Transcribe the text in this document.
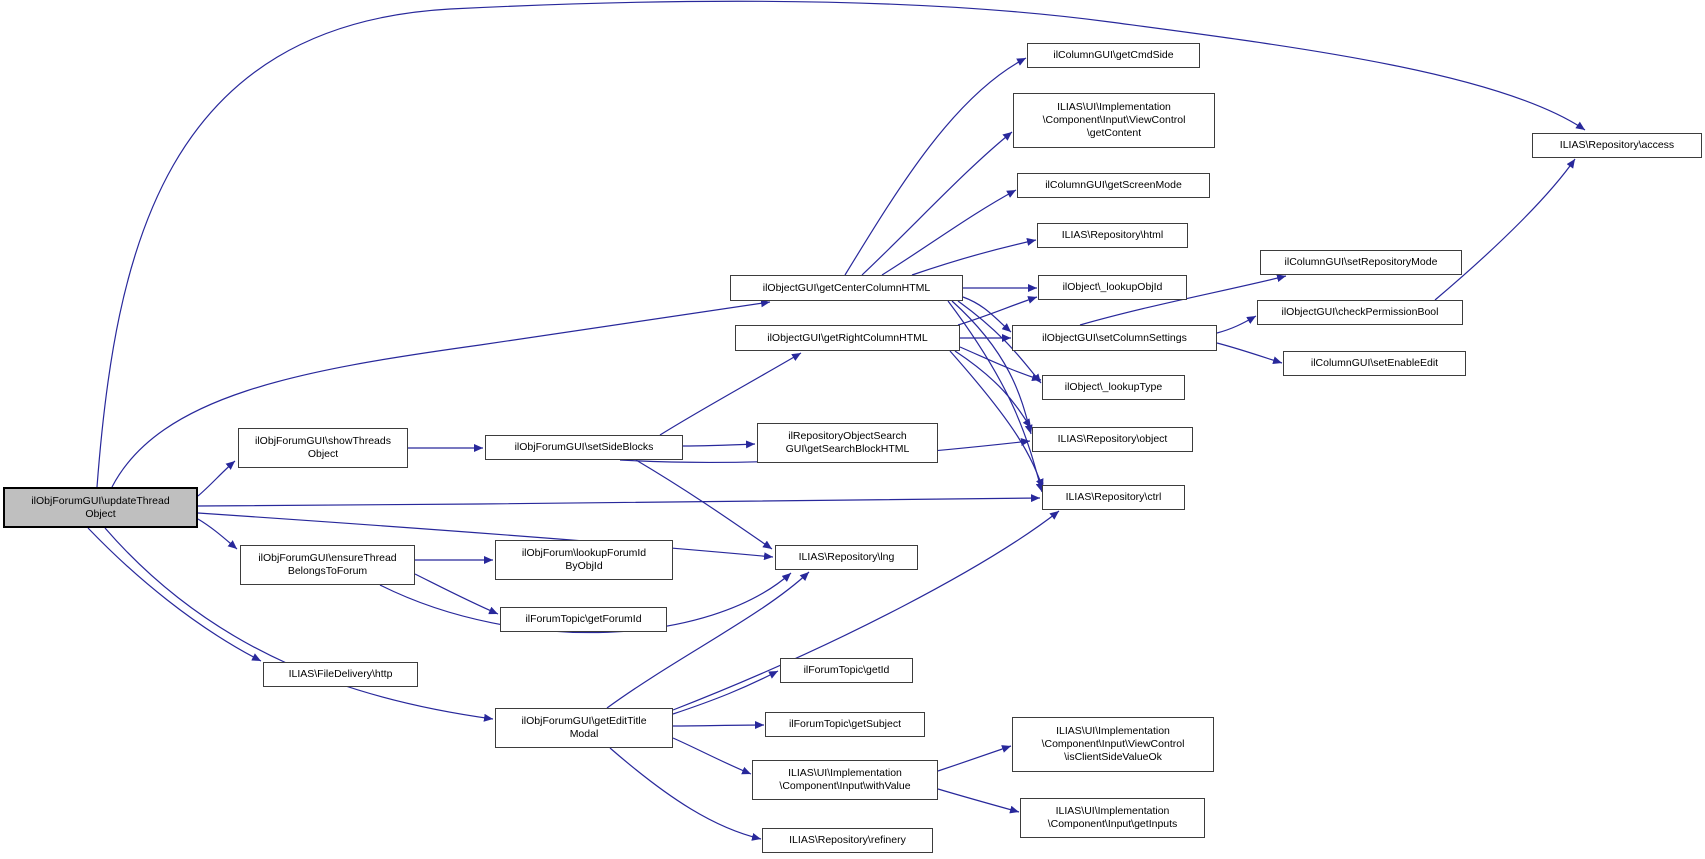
ilObjForumGUI\updateThread
Object
ilObjForumGUI\showThreads
Object
ilObjForumGUI\ensureThread
BelongsToForum
ILIAS\FileDelivery\http
ilObjForumGUI\setSideBlocks
ilObjForum\lookupForumId
ByObjId
ilForumTopic\getForumId
ilObjForumGUI\getEditTitle
Modal
ilRepositoryObjectSearch
GUI\getSearchBlockHTML
ILIAS\Repository\lng
ilForumTopic\getId
ilForumTopic\getSubject
ILIAS\UI\Implementation
\Component\Input\withValue
ILIAS\Repository\refinery
ilObjectGUI\getCenterColumnHTML
ilObjectGUI\getRightColumnHTML
ilColumnGUI\getCmdSide
ILIAS\UI\Implementation
\Component\Input\ViewControl
\getContent
ilColumnGUI\getScreenMode
ILIAS\Repository\html
ilObject\_lookupObjId
ilObjectGUI\setColumnSettings
ilObject\_lookupType
ILIAS\Repository\object
ILIAS\Repository\ctrl
ILIAS\Repository\access
ilColumnGUI\setRepositoryMode
ilObjectGUI\checkPermissionBool
ilColumnGUI\setEnableEdit
ILIAS\UI\Implementation
\Component\Input\ViewControl
\isClientSideValueOk
ILIAS\UI\Implementation
\Component\Input\getInputs
